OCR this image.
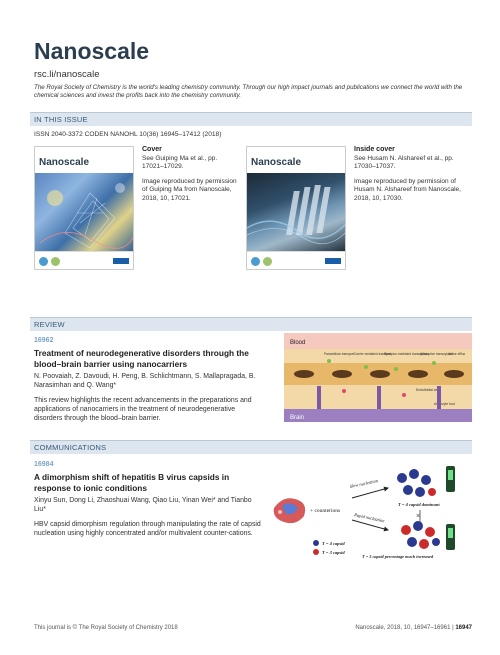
Nanoscale
rsc.li/nanoscale
The Royal Society of Chemistry is the world's leading chemistry community. Through our high impact journals and publications we connect the world with the chemical sciences and invest the profits back into the chemistry community.
IN THIS ISSUE
ISSN 2040-3372 CODEN NANOHL 10(36) 16945–17412 (2018)
Nanoscale
Cover
See Guiping Ma et al., pp. 17021–17029.
Image reproduced by permission of Guiping Ma from Nanoscale, 2018, 10, 17021.
Nanoscale
Inside cover
See Husam N. Alshareef et al., pp. 17030–17037.
Image reproduced by permission of Husam N. Alshareef from Nanoscale, 2018, 10, 17030.
REVIEW
16962
Treatment of neurodegenerative disorders through the blood–brain barrier using nanocarriers
N. Poovaiah, Z. Davoudi, H. Peng, B. Schlichtmann, S. Mallapragada, B. Narasimhan and Q. Wang*
This review highlights the recent advancements in the preparations and applications of nanocarriers in the treatment of neurodegenerative disorders through the blood–brain barrier.
Blood
Paracellular transport Carrier mediated transport
Receptor-mediated transcytosis
Adsorptive transcytosis
Active efflux
Endothelial cell
Astrocyte foot
Brain
COMMUNICATIONS
16984
A dimorphism shift of hepatitis B virus capsids in response to ionic conditions
Xinyu Sun, Dong Li, Zhaoshuai Wang, Qiao Liu, Yinan Wei* and Tianbo Liu*
HBV capsid dimorphism regulation through manipulating the rate of capsid nucleation using highly concentrated and/or multivalent counter-cations.
+ counterions
Slow nucleation
Rapid nucleation
T = 4 capsid dominant
×
T = 4 capsid
T = 3 capsid
T = 3 capsid percentage much increased
This journal is © The Royal Society of Chemistry 2018	Nanoscale, 2018, 10, 16947–16961 | 16947
